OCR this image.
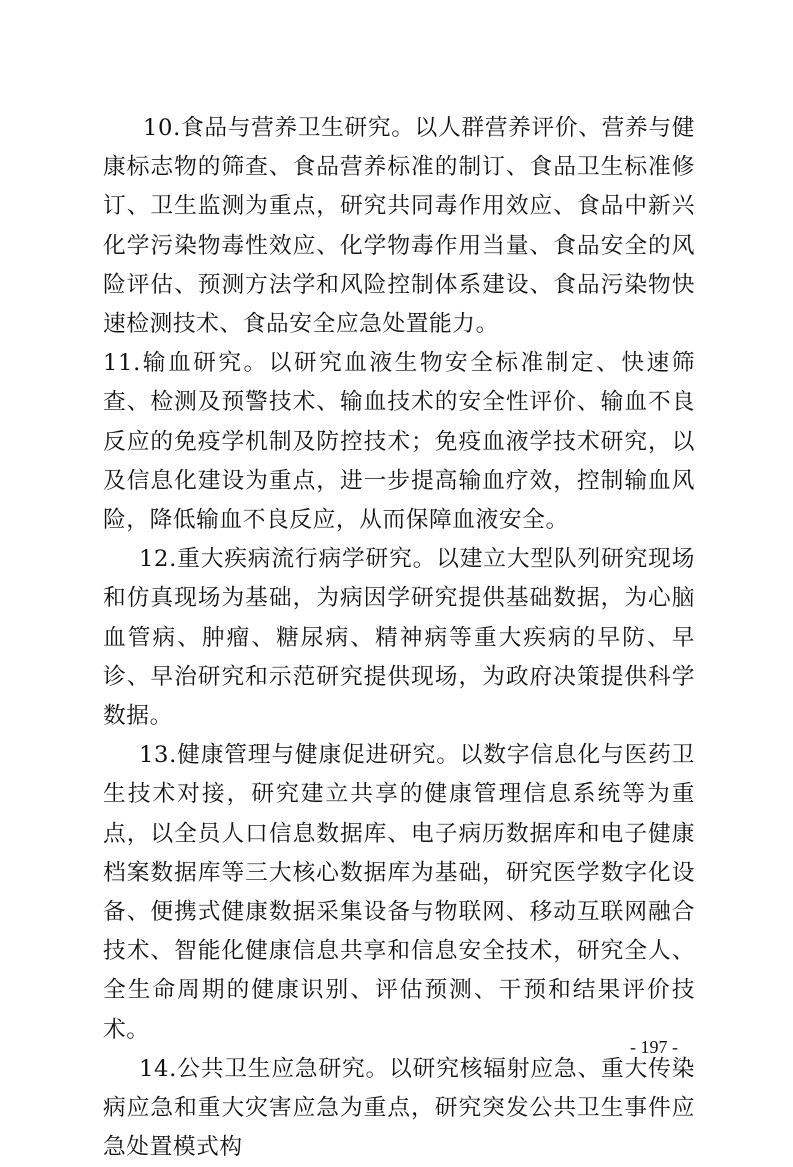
10.食品与营养卫生研究。以人群营养评价、营养与健康标志物的筛查、食品营养标准的制订、食品卫生标准修订、卫生监测为重点，研究共同毒作用效应、食品中新兴化学污染物毒性效应、化学物毒作用当量、食品安全的风险评估、预测方法学和风险控制体系建设、食品污染物快速检测技术、食品安全应急处置能力。

11.输血研究。以研究血液生物安全标准制定、快速筛查、检测及预警技术、输血技术的安全性评价、输血不良反应的免疫学机制及防控技术；免疫血液学技术研究，以及信息化建设为重点，进一步提高输血疗效，控制输血风险，降低输血不良反应，从而保障血液安全。

12.重大疾病流行病学研究。以建立大型队列研究现场和仿真现场为基础，为病因学研究提供基础数据，为心脑血管病、肿瘤、糖尿病、精神病等重大疾病的早防、早诊、早治研究和示范研究提供现场，为政府决策提供科学数据。

13.健康管理与健康促进研究。以数字信息化与医药卫生技术对接，研究建立共享的健康管理信息系统等为重点，以全员人口信息数据库、电子病历数据库和电子健康档案数据库等三大核心数据库为基础，研究医学数字化设备、便携式健康数据采集设备与物联网、移动互联网融合技术、智能化健康信息共享和信息安全技术，研究全人、全生命周期的健康识别、评估预测、干预和结果评价技术。

14.公共卫生应急研究。以研究核辐射应急、重大传染病应急和重大灾害应急为重点，研究突发公共卫生事件应急处置模式构

- 197 -
